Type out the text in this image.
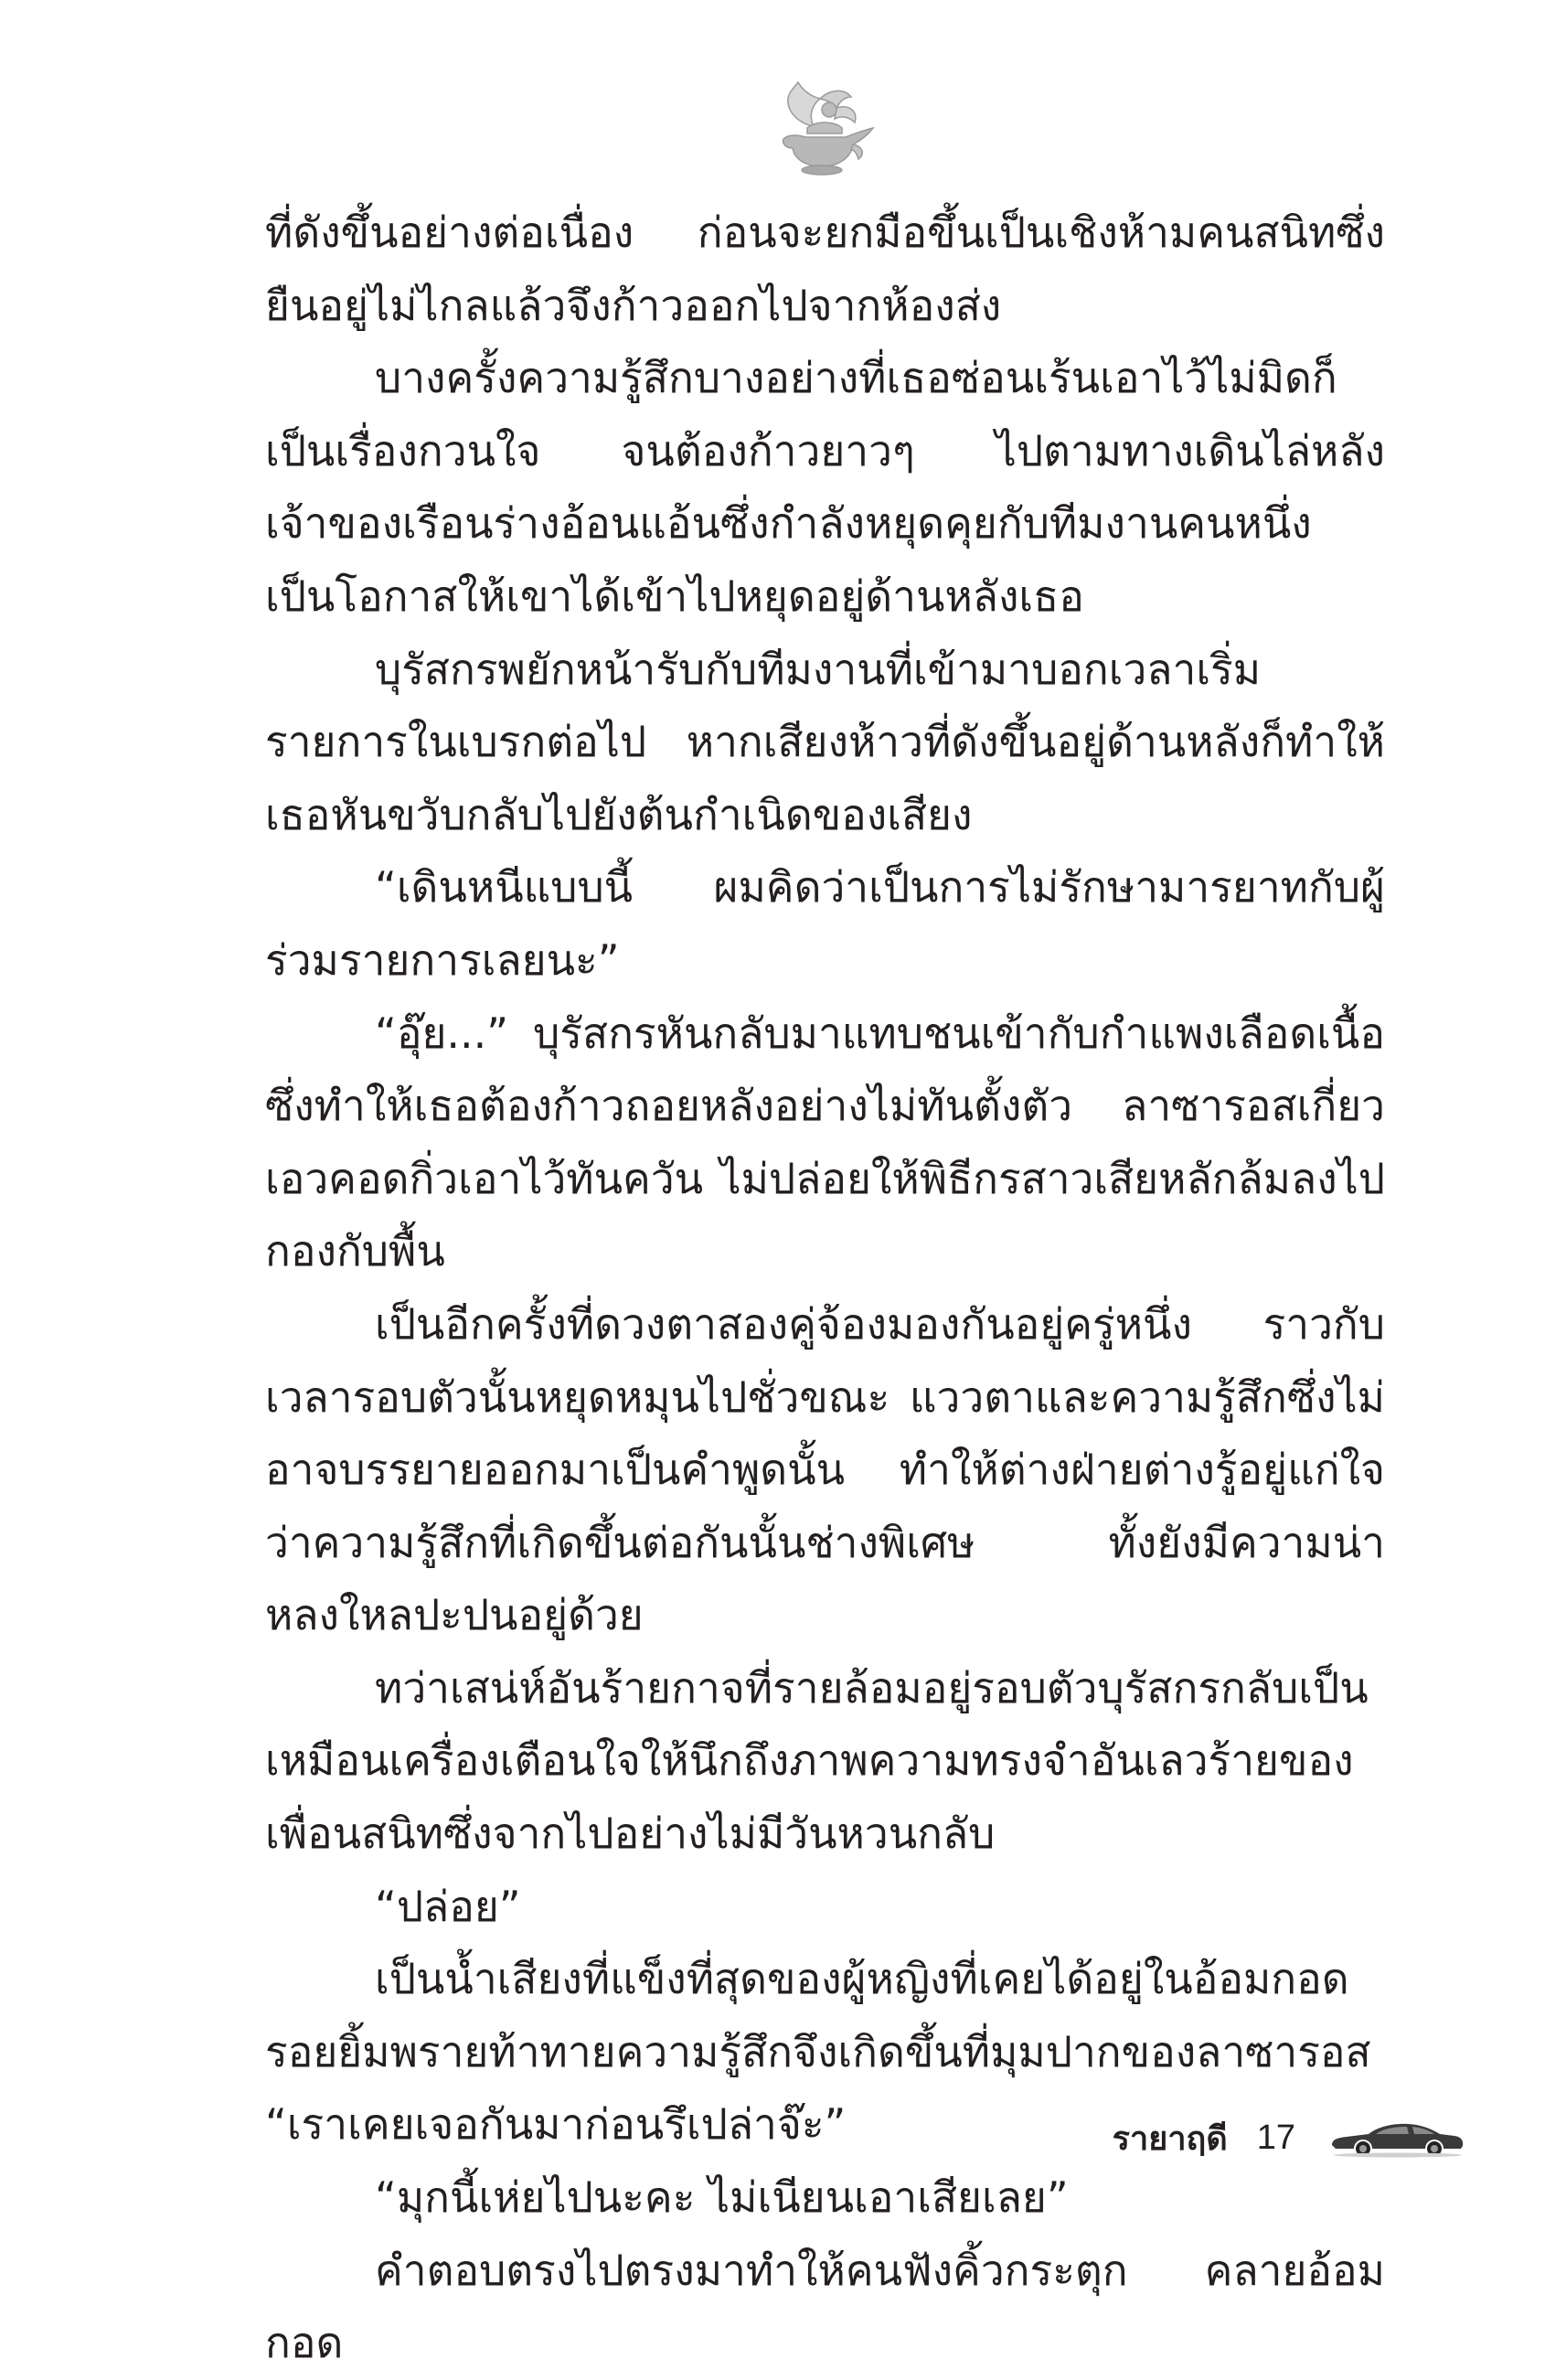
ที่ดังขึ้นอย่างต่อเนื่อง ก่อนจะยกมือขึ้นเป็นเชิงห้ามคนสนิทซึ่งยืนอยู่ไม่ไกลแล้วจึงก้าวออกไปจากห้องส่ง

บางครั้งความรู้สึกบางอย่างที่เธอซ่อนเร้นเอาไว้ไม่มิดก็เป็นเรื่องกวนใจ จนต้องก้าวยาวๆ ไปตามทางเดินไล่หลังเจ้าของเรือนร่างอ้อนแอ้นซึ่งกำลังหยุดคุยกับทีมงานคนหนึ่ง เป็นโอกาสให้เขาได้เข้าไปหยุดอยู่ด้านหลังเธอ

บุรัสกรพยักหน้ารับกับทีมงานที่เข้ามาบอกเวลาเริ่มรายการในเบรกต่อไป หากเสียงห้าวที่ดังขึ้นอยู่ด้านหลังก็ทำให้เธอหันขวับกลับไปยังต้นกำเนิดของเสียง

“เดินหนีแบบนี้ ผมคิดว่าเป็นการไม่รักษามารยาทกับผู้ร่วมรายการเลยนะ”

“อุ๊ย...” บุรัสกรหันกลับมาแทบชนเข้ากับกำแพงเลือดเนื้อ ซึ่งทำให้เธอต้องก้าวถอยหลังอย่างไม่ทันตั้งตัว ลาซารอสเกี่ยวเอวคอดกิ่วเอาไว้ทันควัน ไม่ปล่อยให้พิธีกรสาวเสียหลักล้มลงไปกองกับพื้น

เป็นอีกครั้งที่ดวงตาสองคู่จ้องมองกันอยู่ครู่หนึ่ง ราวกับเวลารอบตัวนั้นหยุดหมุนไปชั่วขณะ แววตาและความรู้สึกซึ่งไม่อาจบรรยายออกมาเป็นคำพูดนั้น ทำให้ต่างฝ่ายต่างรู้อยู่แก่ใจว่าความรู้สึกที่เกิดขึ้นต่อกันนั้นช่างพิเศษ ทั้งยังมีความน่าหลงใหลปะปนอยู่ด้วย

ทว่าเสน่ห์อันร้ายกาจที่รายล้อมอยู่รอบตัวบุรัสกรกลับเป็นเหมือนเครื่องเตือนใจให้นึกถึงภาพความทรงจำอันเลวร้ายของเพื่อนสนิทซึ่งจากไปอย่างไม่มีวันหวนกลับ

“ปล่อย”

เป็นน้ำเสียงที่แข็งที่สุดของผู้หญิงที่เคยได้อยู่ในอ้อมกอด รอยยิ้มพรายท้าทายความรู้สึกจึงเกิดขึ้นที่มุมปากของลาซารอส “เราเคยเจอกันมาก่อนรึเปล่าจ๊ะ”

“มุกนี้เห่ยไปนะคะ ไม่เนียนเอาเสียเลย”

คำตอบตรงไปตรงมาทำให้คนฟังคิ้วกระตุก คลายอ้อมกอด

รายาฤดี 17
